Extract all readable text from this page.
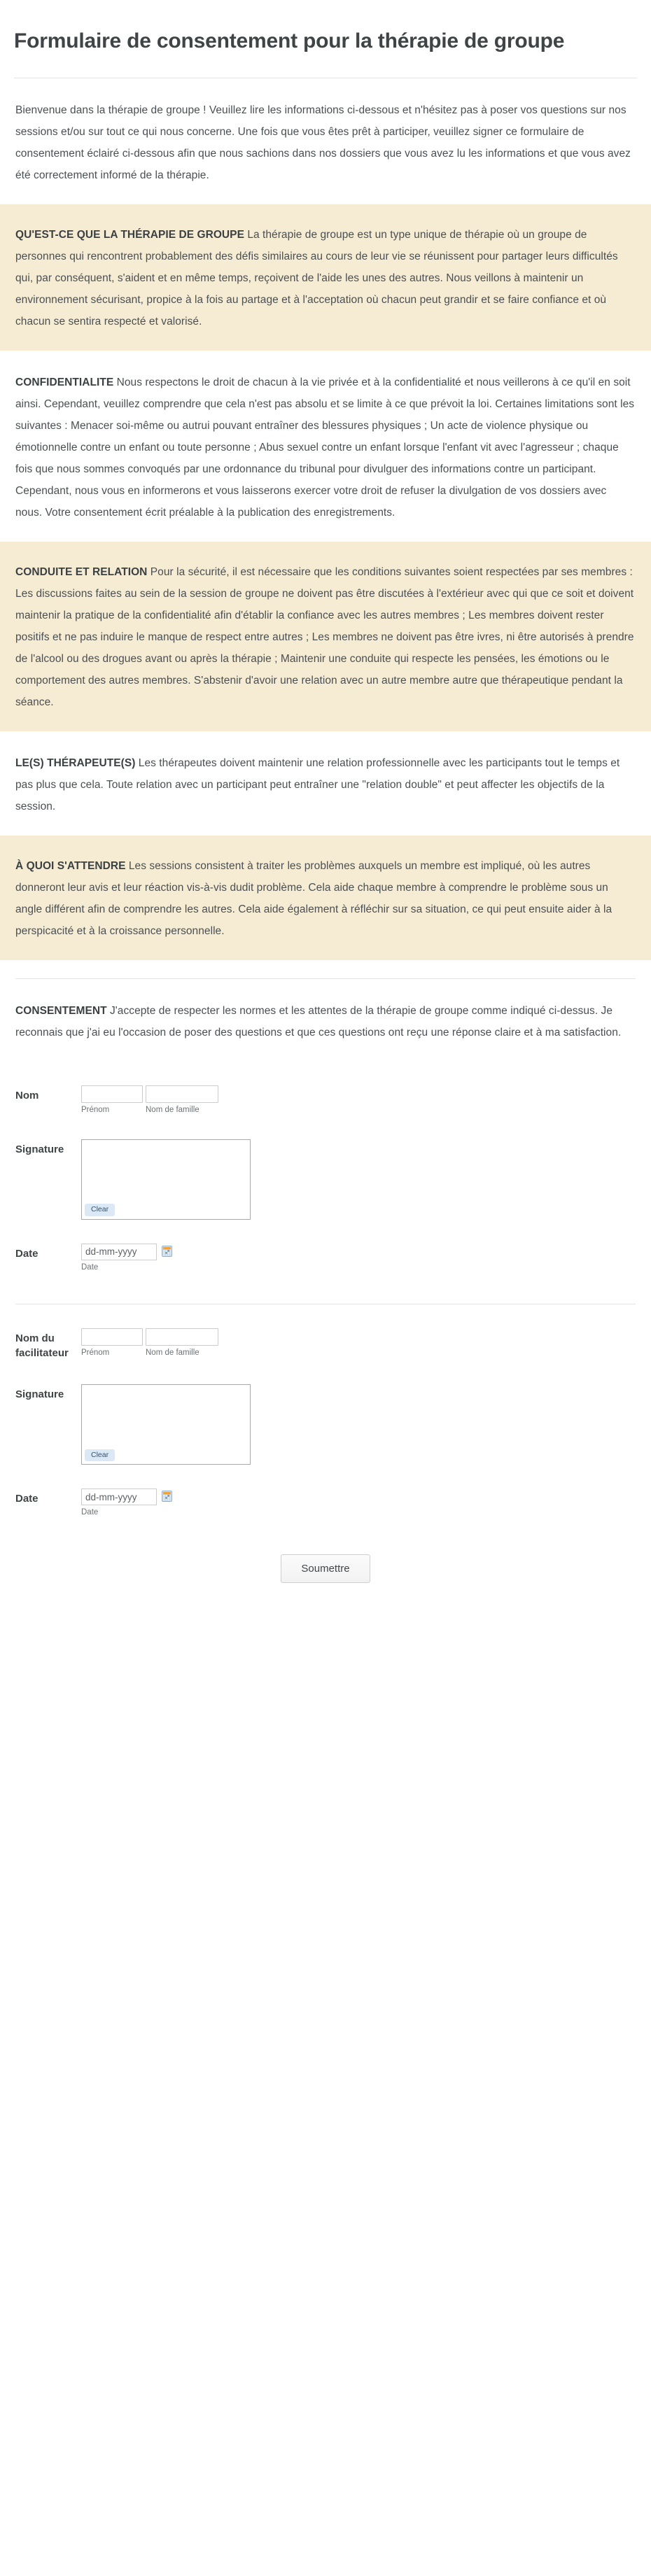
Formulaire de consentement pour la thérapie de groupe

Bienvenue dans la thérapie de groupe ! Veuillez lire les informations ci-dessous et n'hésitez pas à poser vos questions sur nos sessions et/ou sur tout ce qui nous concerne. Une fois que vous êtes prêt à participer, veuillez signer ce formulaire de consentement éclairé ci-dessous afin que nous sachions dans nos dossiers que vous avez lu les informations et que vous avez été correctement informé de la thérapie.

QU'EST-CE QUE LA THÉRAPIE DE GROUPE La thérapie de groupe est un type unique de thérapie où un groupe de personnes qui rencontrent probablement des défis similaires au cours de leur vie se réunissent pour partager leurs difficultés qui, par conséquent, s'aident et en même temps, reçoivent de l'aide les unes des autres. Nous veillons à maintenir un environnement sécurisant, propice à la fois au partage et à l'acceptation où chacun peut grandir et se faire confiance et où chacun se sentira respecté et valorisé.

CONFIDENTIALITE Nous respectons le droit de chacun à la vie privée et à la confidentialité et nous veillerons à ce qu'il en soit ainsi. Cependant, veuillez comprendre que cela n'est pas absolu et se limite à ce que prévoit la loi. Certaines limitations sont les suivantes : Menacer soi-même ou autrui pouvant entraîner des blessures physiques ; Un acte de violence physique ou émotionnelle contre un enfant ou toute personne ; Abus sexuel contre un enfant lorsque l'enfant vit avec l'agresseur ; chaque fois que nous sommes convoqués par une ordonnance du tribunal pour divulguer des informations contre un participant. Cependant, nous vous en informerons et vous laisserons exercer votre droit de refuser la divulgation de vos dossiers avec nous. Votre consentement écrit préalable à la publication des enregistrements.

CONDUITE ET RELATION Pour la sécurité, il est nécessaire que les conditions suivantes soient respectées par ses membres : Les discussions faites au sein de la session de groupe ne doivent pas être discutées à l'extérieur avec qui que ce soit et doivent maintenir la pratique de la confidentialité afin d'établir la confiance avec les autres membres ; Les membres doivent rester positifs et ne pas induire le manque de respect entre autres ; Les membres ne doivent pas être ivres, ni être autorisés à prendre de l'alcool ou des drogues avant ou après la thérapie ; Maintenir une conduite qui respecte les pensées, les émotions ou le comportement des autres membres. S'abstenir d'avoir une relation avec un autre membre autre que thérapeutique pendant la séance.

LE(S) THÉRAPEUTE(S) Les thérapeutes doivent maintenir une relation professionnelle avec les participants tout le temps et pas plus que cela. Toute relation avec un participant peut entraîner une "relation double" et peut affecter les objectifs de la session.

À QUOI S'ATTENDRE Les sessions consistent à traiter les problèmes auxquels un membre est impliqué, où les autres donneront leur avis et leur réaction vis-à-vis dudit problème. Cela aide chaque membre à comprendre le problème sous un angle différent afin de comprendre les autres. Cela aide également à réfléchir sur sa situation, ce qui peut ensuite aider à la perspicacité et à la croissance personnelle.

CONSENTEMENT J'accepte de respecter les normes et les attentes de la thérapie de groupe comme indiqué ci-dessus. Je reconnais que j'ai eu l'occasion de poser des questions et que ces questions ont reçu une réponse claire et à ma satisfaction.

Nom
Prénom	Nom de famille
Signature
Clear
Date
dd-mm-yyyy
Date
Nom du facilitateur	Prénom	Nom de famille
Signature
Clear
Date
dd-mm-yyyy
Date
Soumettre
